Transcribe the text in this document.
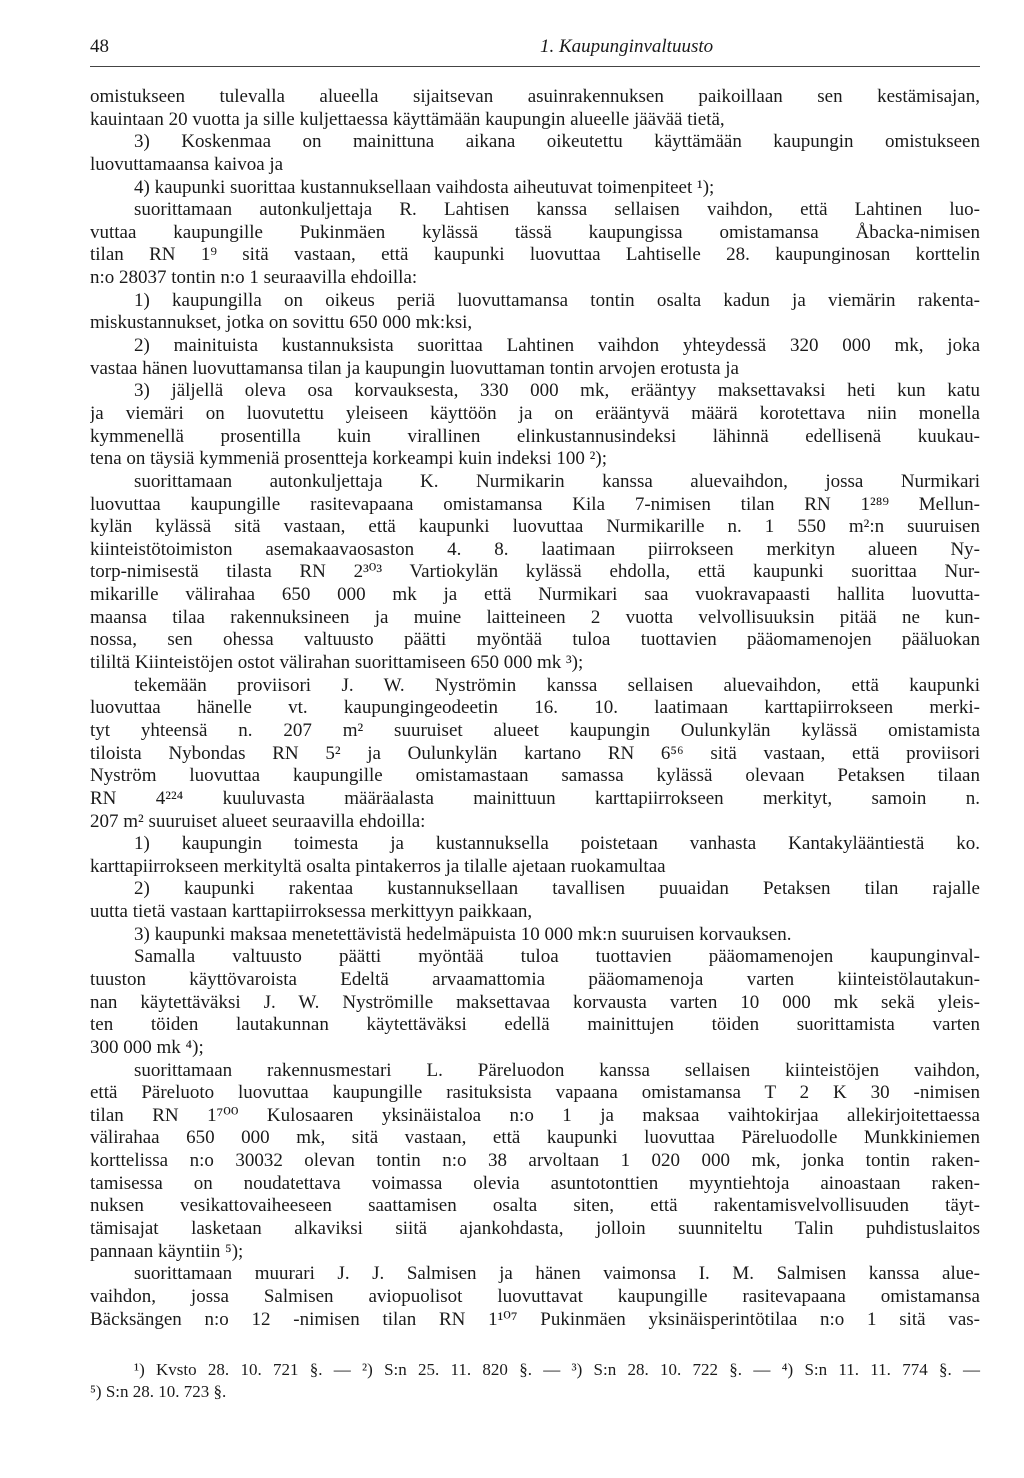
48	1. Kaupunginvaltuusto
omistukseen tulevalla alueella sijaitsevan asuinrakennuksen paikoillaan sen kestämisajan,
kauintaan 20 vuotta ja sille kuljettaessa käyttämään kaupungin alueelle jäävää tietä,
3) Koskenmaa on mainittuna aikana oikeutettu käyttämään kaupungin omistukseen
luovuttamaansa kaivoa ja
4) kaupunki suorittaa kustannuksellaan vaihdosta aiheutuvat toimenpiteet ¹);
suorittamaan autonkuljettaja R. Lahtisen kanssa sellaisen vaihdon, että Lahtinen luo-
vuttaa kaupungille Pukinmäen kylässä tässä kaupungissa omistamansa Åbacka-nimisen
tilan RN 1⁹ sitä vastaan, että kaupunki luovuttaa Lahtiselle 28. kaupunginosan korttelin
n:o 28037 tontin n:o 1 seuraavilla ehdoilla:
1) kaupungilla on oikeus periä luovuttamansa tontin osalta kadun ja viemärin rakenta-
miskustannukset, jotka on sovittu 650 000 mk:ksi,
2) mainituista kustannuksista suorittaa Lahtinen vaihdon yhteydessä 320 000 mk, joka
vastaa hänen luovuttamansa tilan ja kaupungin luovuttaman tontin arvojen erotusta ja
3) jäljellä oleva osa korvauksesta, 330 000 mk, erääntyy maksettavaksi heti kun katu
ja viemäri on luovutettu yleiseen käyttöön ja on erääntyvä määrä korotettava niin monella
kymmenellä prosentilla kuin virallinen elinkustannusindeksi lähinnä edellisenä kuukau-
tena on täysiä kymmeniä prosentteja korkeampi kuin indeksi 100 ²);
suorittamaan autonkuljettaja K. Nurmikarin kanssa aluevaihdon, jossa Nurmikari
luovuttaa kaupungille rasitevapaana omistamansa Kila 7-nimisen tilan RN 1²⁸⁹ Mellun-
kylän kylässä sitä vastaan, että kaupunki luovuttaa Nurmikarille n. 1 550 m²:n suuruisen
kiinteistötoimiston asemakaavaosaston 4. 8. laatimaan piirrokseen merkityn alueen Ny-
torp-nimisestä tilasta RN 2³⁰³ Vartiokylän kylässä ehdolla, että kaupunki suorittaa Nur-
mikarille välirahaa 650 000 mk ja että Nurmikari saa vuokravapaasti hallita luovutta-
maansa tilaa rakennuksineen ja muine laitteineen 2 vuotta velvollisuuksin pitää ne kun-
nossa, sen ohessa valtuusto päätti myöntää tuloa tuottavien pääomamenojen pääluokan
tililtä Kiinteistöjen ostot välirahan suorittamiseen 650 000 mk ³);
tekemään proviisori J. W. Nyströmin kanssa sellaisen aluevaihdon, että kaupunki
luovuttaa hänelle vt. kaupungingeodeetin 16. 10. laatimaan karttapiirrokseen merki-
tyt yhteensä n. 207 m² suuruiset alueet kaupungin Oulunkylän kylässä omistamista
tiloista Nybondas RN 5² ja Oulunkylän kartano RN 6⁵⁶ sitä vastaan, että proviisori
Nyström luovuttaa kaupungille omistamastaan samassa kylässä olevaan Petaksen tilaan
RN 4²²⁴ kuuluvasta määräalasta mainittuun karttapiirrokseen merkityt, samoin n.
207 m² suuruiset alueet seuraavilla ehdoilla:
1) kaupungin toimesta ja kustannuksella poistetaan vanhasta Kantakylääntiestä ko.
karttapiirrokseen merkityltä osalta pintakerros ja tilalle ajetaan ruokamultaa
2) kaupunki rakentaa kustannuksellaan tavallisen puuaidan Petaksen tilan rajalle
uutta tietä vastaan karttapiirroksessa merkittyyn paikkaan,
3) kaupunki maksaa menetettävistä hedelmäpuista 10 000 mk:n suuruisen korvauksen.
Samalla valtuusto päätti myöntää tuloa tuottavien pääomamenojen kaupunginval-
tuuston käyttövaroista Edeltä arvaamattomia pääomamenoja varten kiinteistölautakun-
nan käytettäväksi J. W. Nyströmille maksettavaa korvausta varten 10 000 mk sekä yleis-
ten töiden lautakunnan käytettäväksi edellä mainittujen töiden suorittamista varten
300 000 mk ⁴);
suorittamaan rakennusmestari L. Päreluodon kanssa sellaisen kiinteistöjen vaihdon,
että Päreluoto luovuttaa kaupungille rasituksista vapaana omistamansa T 2 K 30 -nimisen
tilan RN 1⁷⁰⁰ Kulosaaren yksinäistaloa n:o 1 ja maksaa vaihtokirjaa allekirjoitettaessa
välirahaa 650 000 mk, sitä vastaan, että kaupunki luovuttaa Päreluodolle Munkkiniemen
korttelissa n:o 30032 olevan tontin n:o 38 arvoltaan 1 020 000 mk, jonka tontin raken-
tamisessa on noudatettava voimassa olevia asuntotonttien myyntiehtoja ainoastaan raken-
nuksen vesikattovaiheeseen saattamisen osalta siten, että rakentamisvelvollisuuden täyt-
tämisajat lasketaan alkaviksi siitä ajankohdasta, jolloin suunniteltu Talin puhdistuslaitos
pannaan käyntiin ⁵);
suorittamaan muurari J. J. Salmisen ja hänen vaimonsa I. M. Salmisen kanssa alue-
vaihdon, jossa Salmisen aviopuolisot luovuttavat kaupungille rasitevapaana omistamansa
Bäcksängen n:o 12 -nimisen tilan RN 1¹⁰⁷ Pukinmäen yksinäisperintötilaa n:o 1 sitä vas-
¹) Kvsto 28. 10. 721 §. — ²) S:n 25. 11. 820 §. — ³) S:n 28. 10. 722 §. — ⁴) S:n 11. 11. 774 §. —
⁵) S:n 28. 10. 723 §.
